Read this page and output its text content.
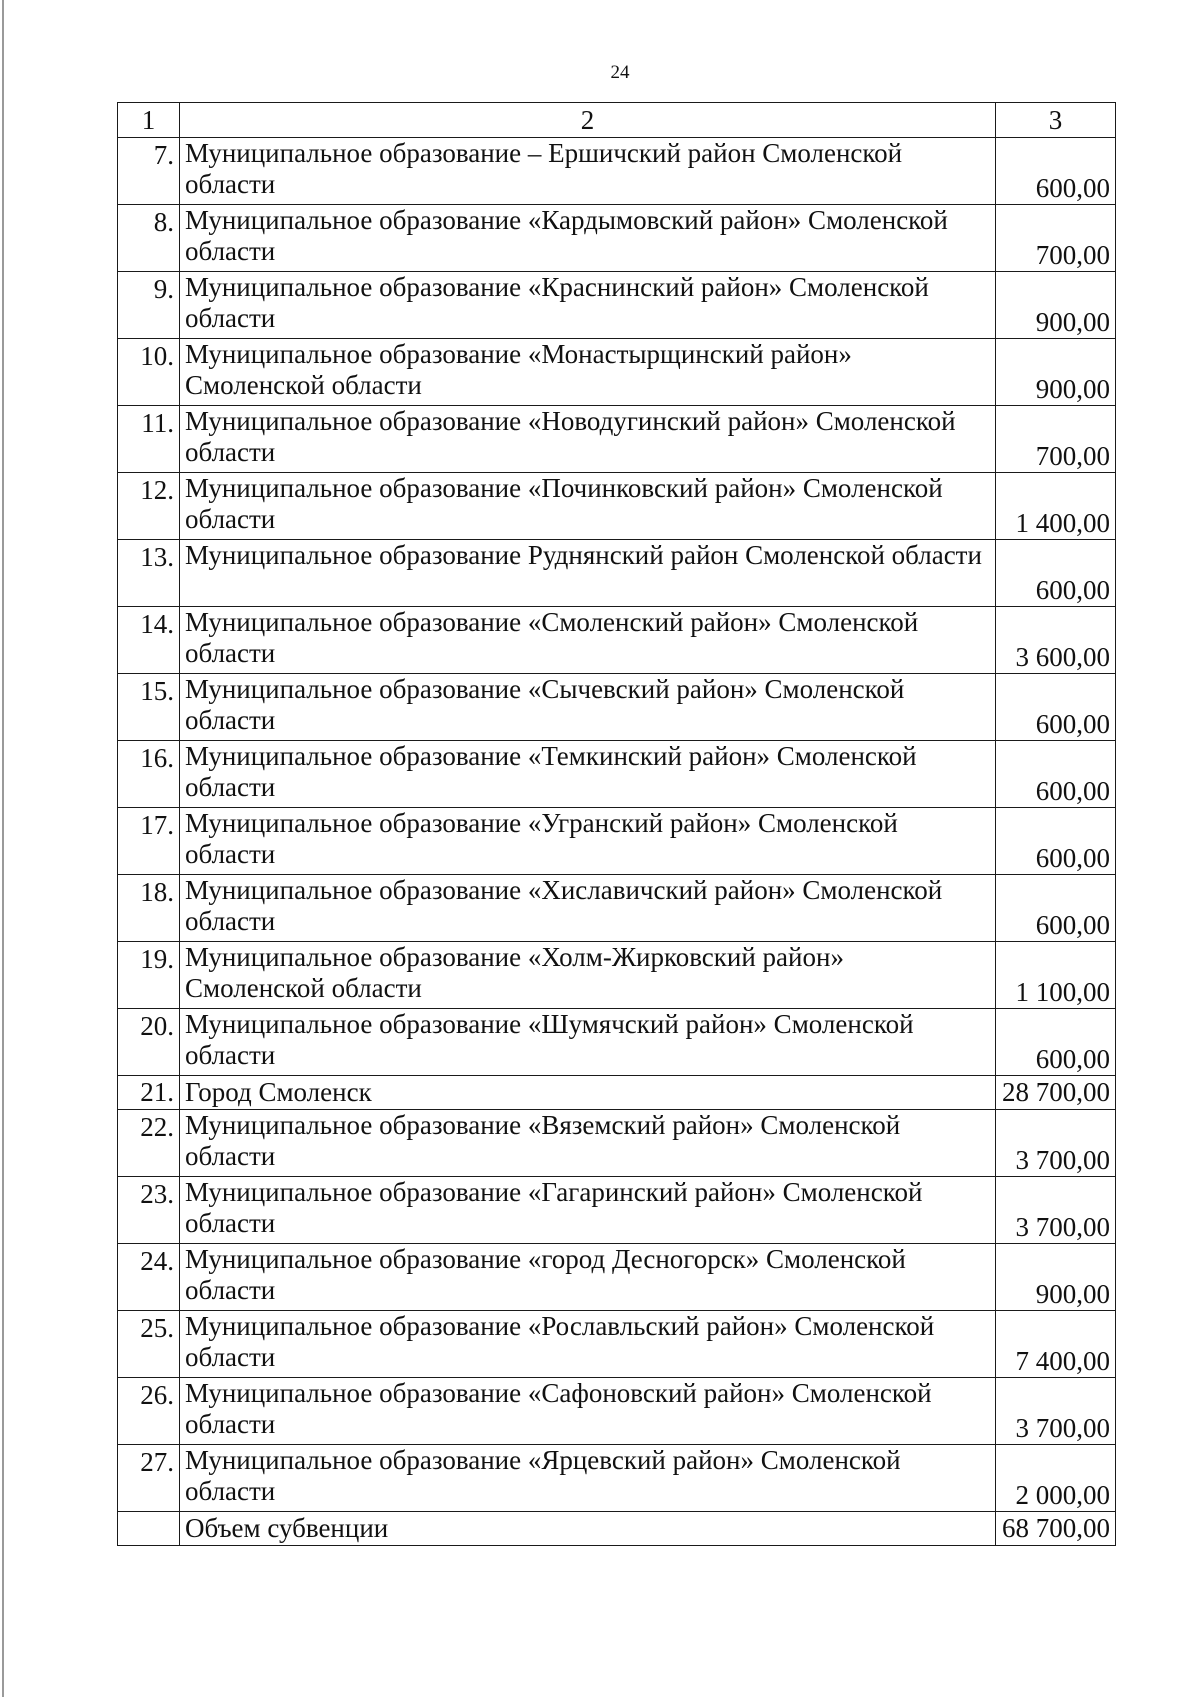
24
1	2	3
7.	Муниципальное образование – Ершичский район Смоленской области	600,00
8.	Муниципальное образование «Кардымовский район» Смоленской области	700,00
9.	Муниципальное образование «Краснинский район» Смоленской области	900,00
10.	Муниципальное образование «Монастырщинский район» Смоленской области	900,00
11.	Муниципальное образование «Новодугинский район» Смоленской области	700,00
12.	Муниципальное образование «Починковский район» Смоленской области	1 400,00
13.	Муниципальное образование Руднянский район Смоленской области	600,00
14.	Муниципальное образование «Смоленский район» Смоленской области	3 600,00
15.	Муниципальное образование «Сычевский район» Смоленской области	600,00
16.	Муниципальное образование «Темкинский район» Смоленской области	600,00
17.	Муниципальное образование «Угранский район» Смоленской области	600,00
18.	Муниципальное образование «Хиславичский район» Смоленской области	600,00
19.	Муниципальное образование «Холм-Жирковский район» Смоленской области	1 100,00
20.	Муниципальное образование «Шумячский район» Смоленской области	600,00
21.	Город Смоленск	28 700,00
22.	Муниципальное образование «Вяземский район» Смоленской области	3 700,00
23.	Муниципальное образование «Гагаринский район» Смоленской области	3 700,00
24.	Муниципальное образование «город Десногорск» Смоленской области	900,00
25.	Муниципальное образование «Рославльский район» Смоленской области	7 400,00
26.	Муниципальное образование «Сафоновский район» Смоленской области	3 700,00
27.	Муниципальное образование «Ярцевский район» Смоленской области	2 000,00
	Объем субвенции	68 700,00
